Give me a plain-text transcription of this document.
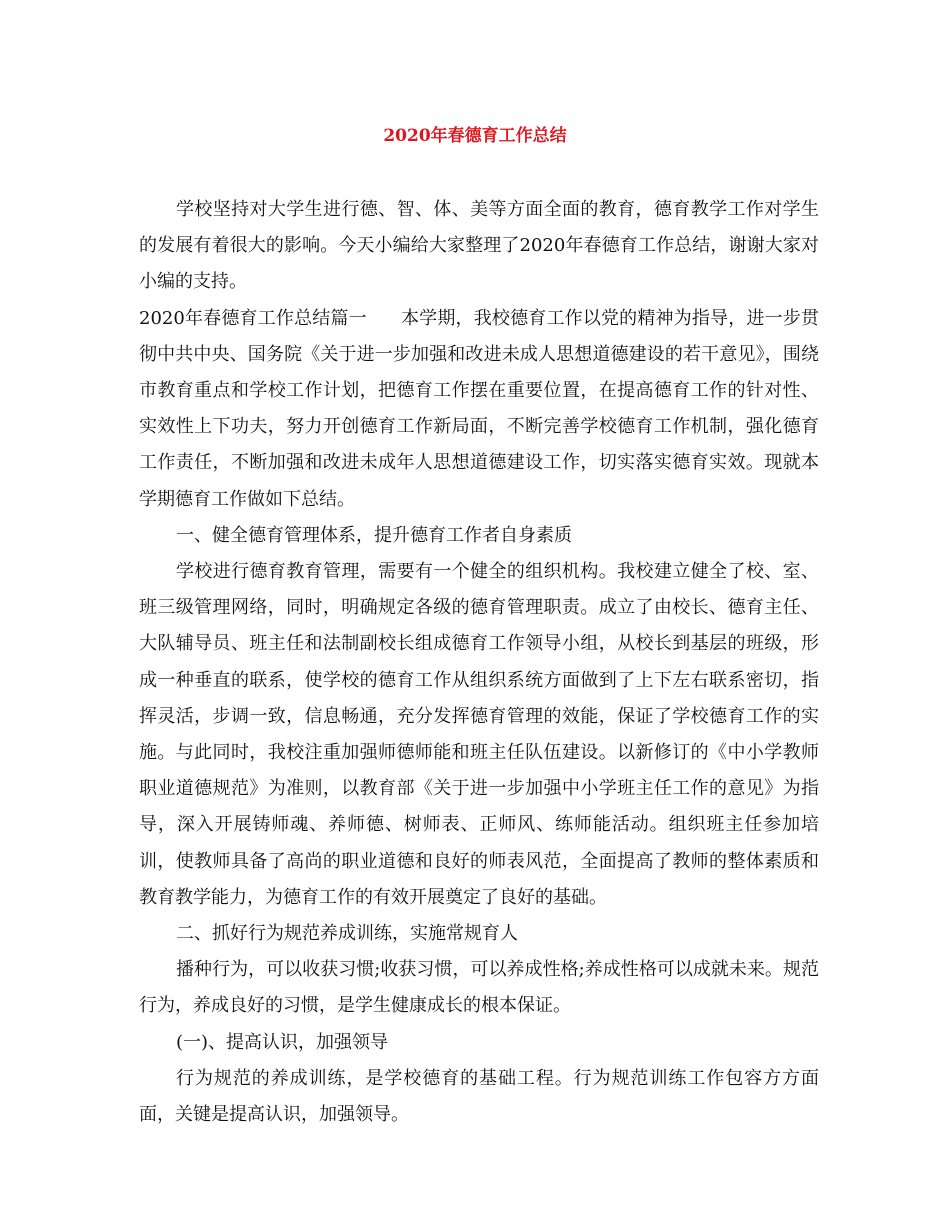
2020年春德育工作总结

学校坚持对大学生进行德、智、体、美等方面全面的教育，德育教学工作对学生的发展有着很大的影响。今天小编给大家整理了2020年春德育工作总结，谢谢大家对小编的支持。

2020年春德育工作总结篇一 本学期，我校德育工作以党的精神为指导，进一步贯彻中共中央、国务院《关于进一步加强和改进未成人思想道德建设的若干意见》，围绕市教育重点和学校工作计划，把德育工作摆在重要位置，在提高德育工作的针对性、实效性上下功夫，努力开创德育工作新局面，不断完善学校德育工作机制，强化德育工作责任，不断加强和改进未成年人思想道德建设工作，切实落实德育实效。现就本学期德育工作做如下总结。

一、健全德育管理体系，提升德育工作者自身素质

学校进行德育教育管理，需要有一个健全的组织机构。我校建立健全了校、室、班三级管理网络，同时，明确规定各级的德育管理职责。成立了由校长、德育主任、大队辅导员、班主任和法制副校长组成德育工作领导小组，从校长到基层的班级，形成一种垂直的联系，使学校的德育工作从组织系统方面做到了上下左右联系密切，指挥灵活，步调一致，信息畅通，充分发挥德育管理的效能，保证了学校德育工作的实施。与此同时，我校注重加强师德师能和班主任队伍建设。以新修订的《中小学教师职业道德规范》为准则，以教育部《关于进一步加强中小学班主任工作的意见》为指导，深入开展铸师魂、养师德、树师表、正师风、练师能活动。组织班主任参加培训，使教师具备了高尚的职业道德和良好的师表风范，全面提高了教师的整体素质和教育教学能力，为德育工作的有效开展奠定了良好的基础。

二、抓好行为规范养成训练，实施常规育人

播种行为，可以收获习惯;收获习惯，可以养成性格;养成性格可以成就未来。规范行为，养成良好的习惯，是学生健康成长的根本保证。

(一)、提高认识，加强领导

行为规范的养成训练，是学校德育的基础工程。行为规范训练工作包容方方面面，关键是提高认识，加强领导。
